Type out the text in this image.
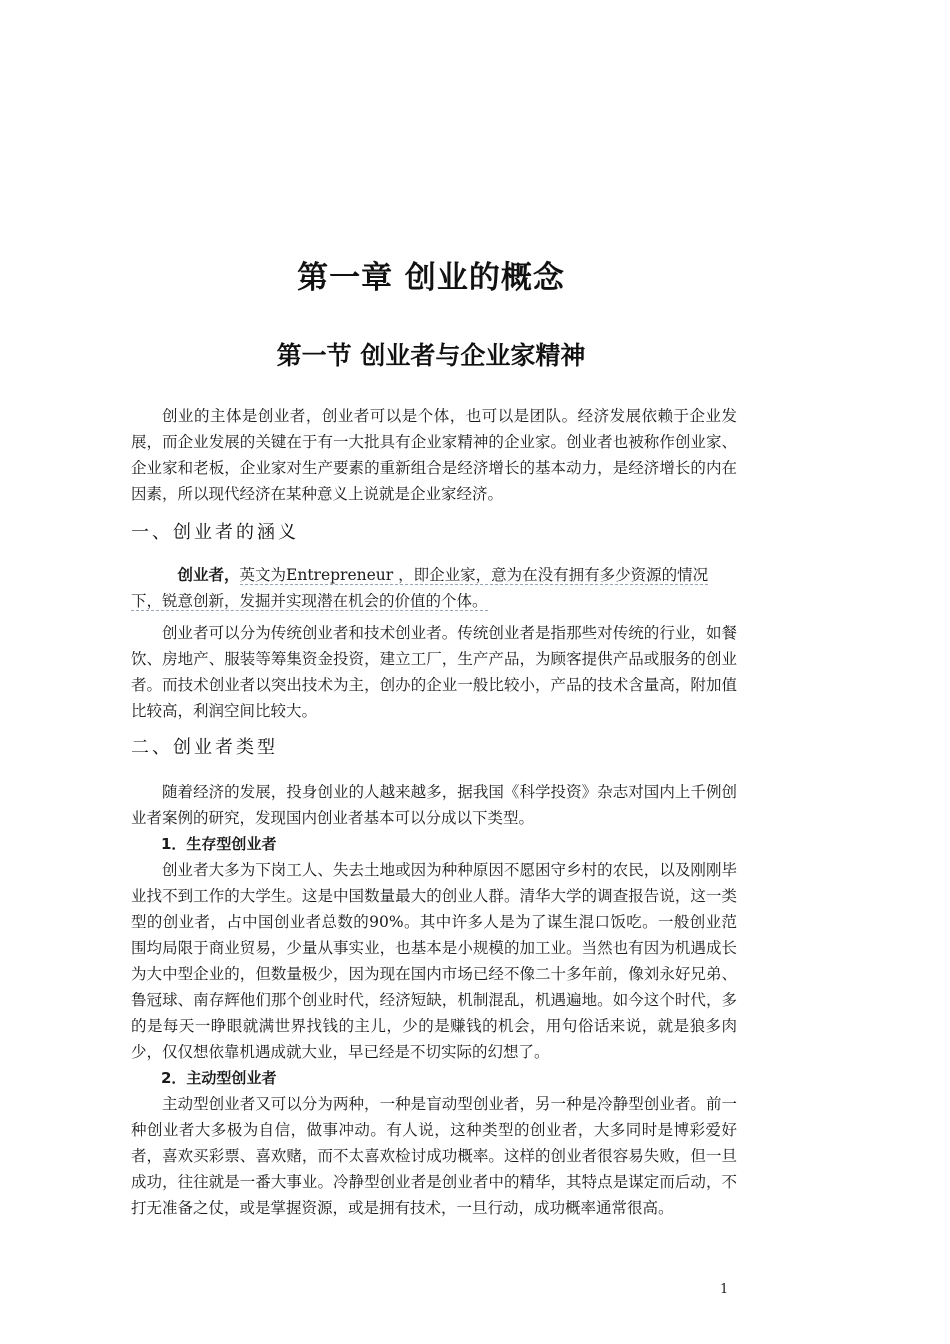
第一章 创业的概念
第一节 创业者与企业家精神

创业的主体是创业者，创业者可以是个体，也可以是团队。经济发展依赖于企业发展，而企业发展的关键在于有一大批具有企业家精神的企业家。创业者也被称作创业家、企业家和老板，企业家对生产要素的重新组合是经济增长的基本动力，是经济增长的内在因素，所以现代经济在某种意义上说就是企业家经济。

一、创业者的涵义

创业者，英文为Entrepreneur ，即企业家，意为在没有拥有多少资源的情况

下，锐意创新，发掘并实现潜在机会的价值的个体。

创业者可以分为传统创业者和技术创业者。传统创业者是指那些对传统的行业，如餐饮、房地产、服装等筹集资金投资，建立工厂，生产产品，为顾客提供产品或服务的创业者。而技术创业者以突出技术为主，创办的企业一般比较小，产品的技术含量高，附加值比较高，利润空间比较大。

二、创业者类型

随着经济的发展，投身创业的人越来越多，据我国《科学投资》杂志对国内上千例创业者案例的研究，发现国内创业者基本可以分成以下类型。

1．生存型创业者

创业者大多为下岗工人、失去土地或因为种种原因不愿困守乡村的农民，以及刚刚毕业找不到工作的大学生。这是中国数量最大的创业人群。清华大学的调查报告说，这一类型的创业者，占中国创业者总数的90%。其中许多人是为了谋生混口饭吃。一般创业范围均局限于商业贸易，少量从事实业，也基本是小规模的加工业。当然也有因为机遇成长为大中型企业的，但数量极少，因为现在国内市场已经不像二十多年前，像刘永好兄弟、鲁冠球、南存辉他们那个创业时代，经济短缺，机制混乱，机遇遍地。如今这个时代，多的是每天一睁眼就满世界找钱的主儿，少的是赚钱的机会，用句俗话来说，就是狼多肉少，仅仅想依靠机遇成就大业，早已经是不切实际的幻想了。

2．主动型创业者

主动型创业者又可以分为两种，一种是盲动型创业者，另一种是冷静型创业者。前一种创业者大多极为自信，做事冲动。有人说，这种类型的创业者，大多同时是博彩爱好者，喜欢买彩票、喜欢赌，而不太喜欢检讨成功概率。这样的创业者很容易失败，但一旦成功，往往就是一番大事业。冷静型创业者是创业者中的精华，其特点是谋定而后动，不打无准备之仗，或是掌握资源，或是拥有技术，一旦行动，成功概率通常很高。

1
